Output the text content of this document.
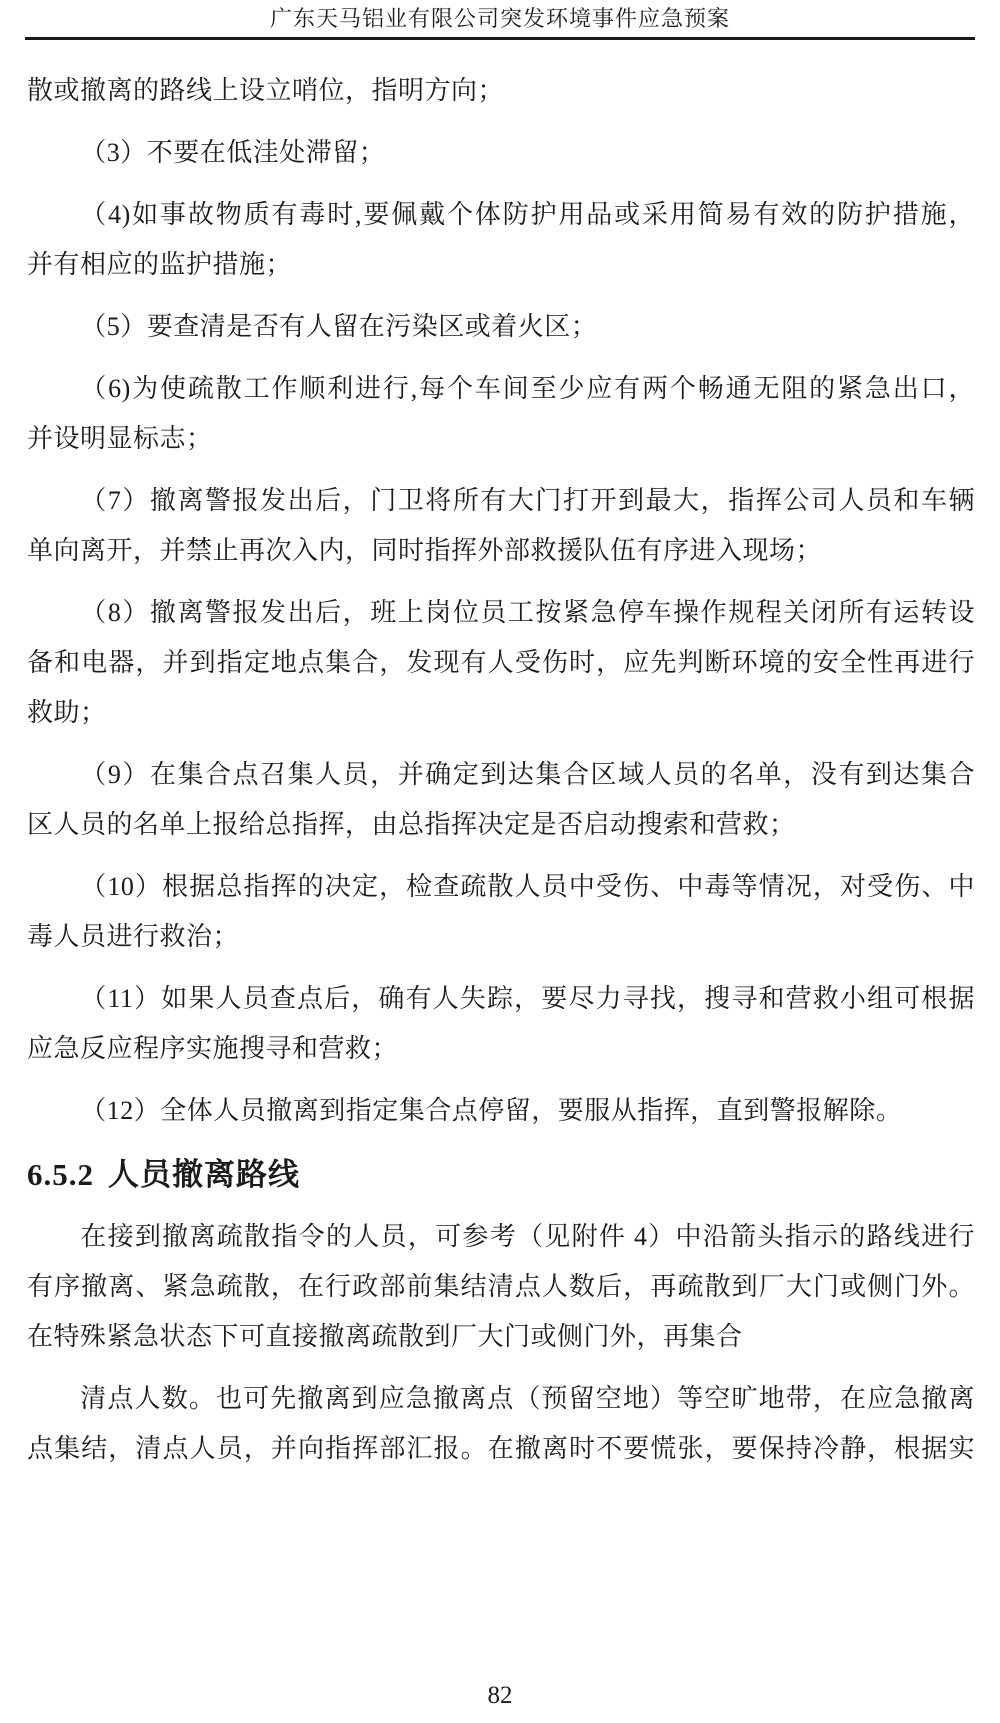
广东天马铝业有限公司突发环境事件应急预案
散或撤离的路线上设立哨位，指明方向；
（3）不要在低洼处滞留；
（4)如事故物质有毒时,要佩戴个体防护用品或采用简易有效的防护措施，
并有相应的监护措施；
（5）要查清是否有人留在污染区或着火区；
（6)为使疏散工作顺利进行,每个车间至少应有两个畅通无阻的紧急出口，
并设明显标志；
（7）撤离警报发出后，门卫将所有大门打开到最大，指挥公司人员和车辆
单向离开，并禁止再次入内，同时指挥外部救援队伍有序进入现场；
（8）撤离警报发出后，班上岗位员工按紧急停车操作规程关闭所有运转设
备和电器，并到指定地点集合，发现有人受伤时，应先判断环境的安全性再进行
救助；
（9）在集合点召集人员，并确定到达集合区域人员的名单，没有到达集合
区人员的名单上报给总指挥，由总指挥决定是否启动搜索和营救；
（10）根据总指挥的决定，检查疏散人员中受伤、中毒等情况，对受伤、中
毒人员进行救治；
（11）如果人员查点后，确有人失踪，要尽力寻找，搜寻和营救小组可根据
应急反应程序实施搜寻和营救；
（12）全体人员撤离到指定集合点停留，要服从指挥，直到警报解除。
6.5.2 人员撤离路线
在接到撤离疏散指令的人员，可参考（见附件 4）中沿箭头指示的路线进行
有序撤离、紧急疏散，在行政部前集结清点人数后，再疏散到厂大门或侧门外。
在特殊紧急状态下可直接撤离疏散到厂大门或侧门外，再集合
清点人数。也可先撤离到应急撤离点（预留空地）等空旷地带，在应急撤离
点集结，清点人员，并向指挥部汇报。在撤离时不要慌张，要保持冷静，根据实
82
